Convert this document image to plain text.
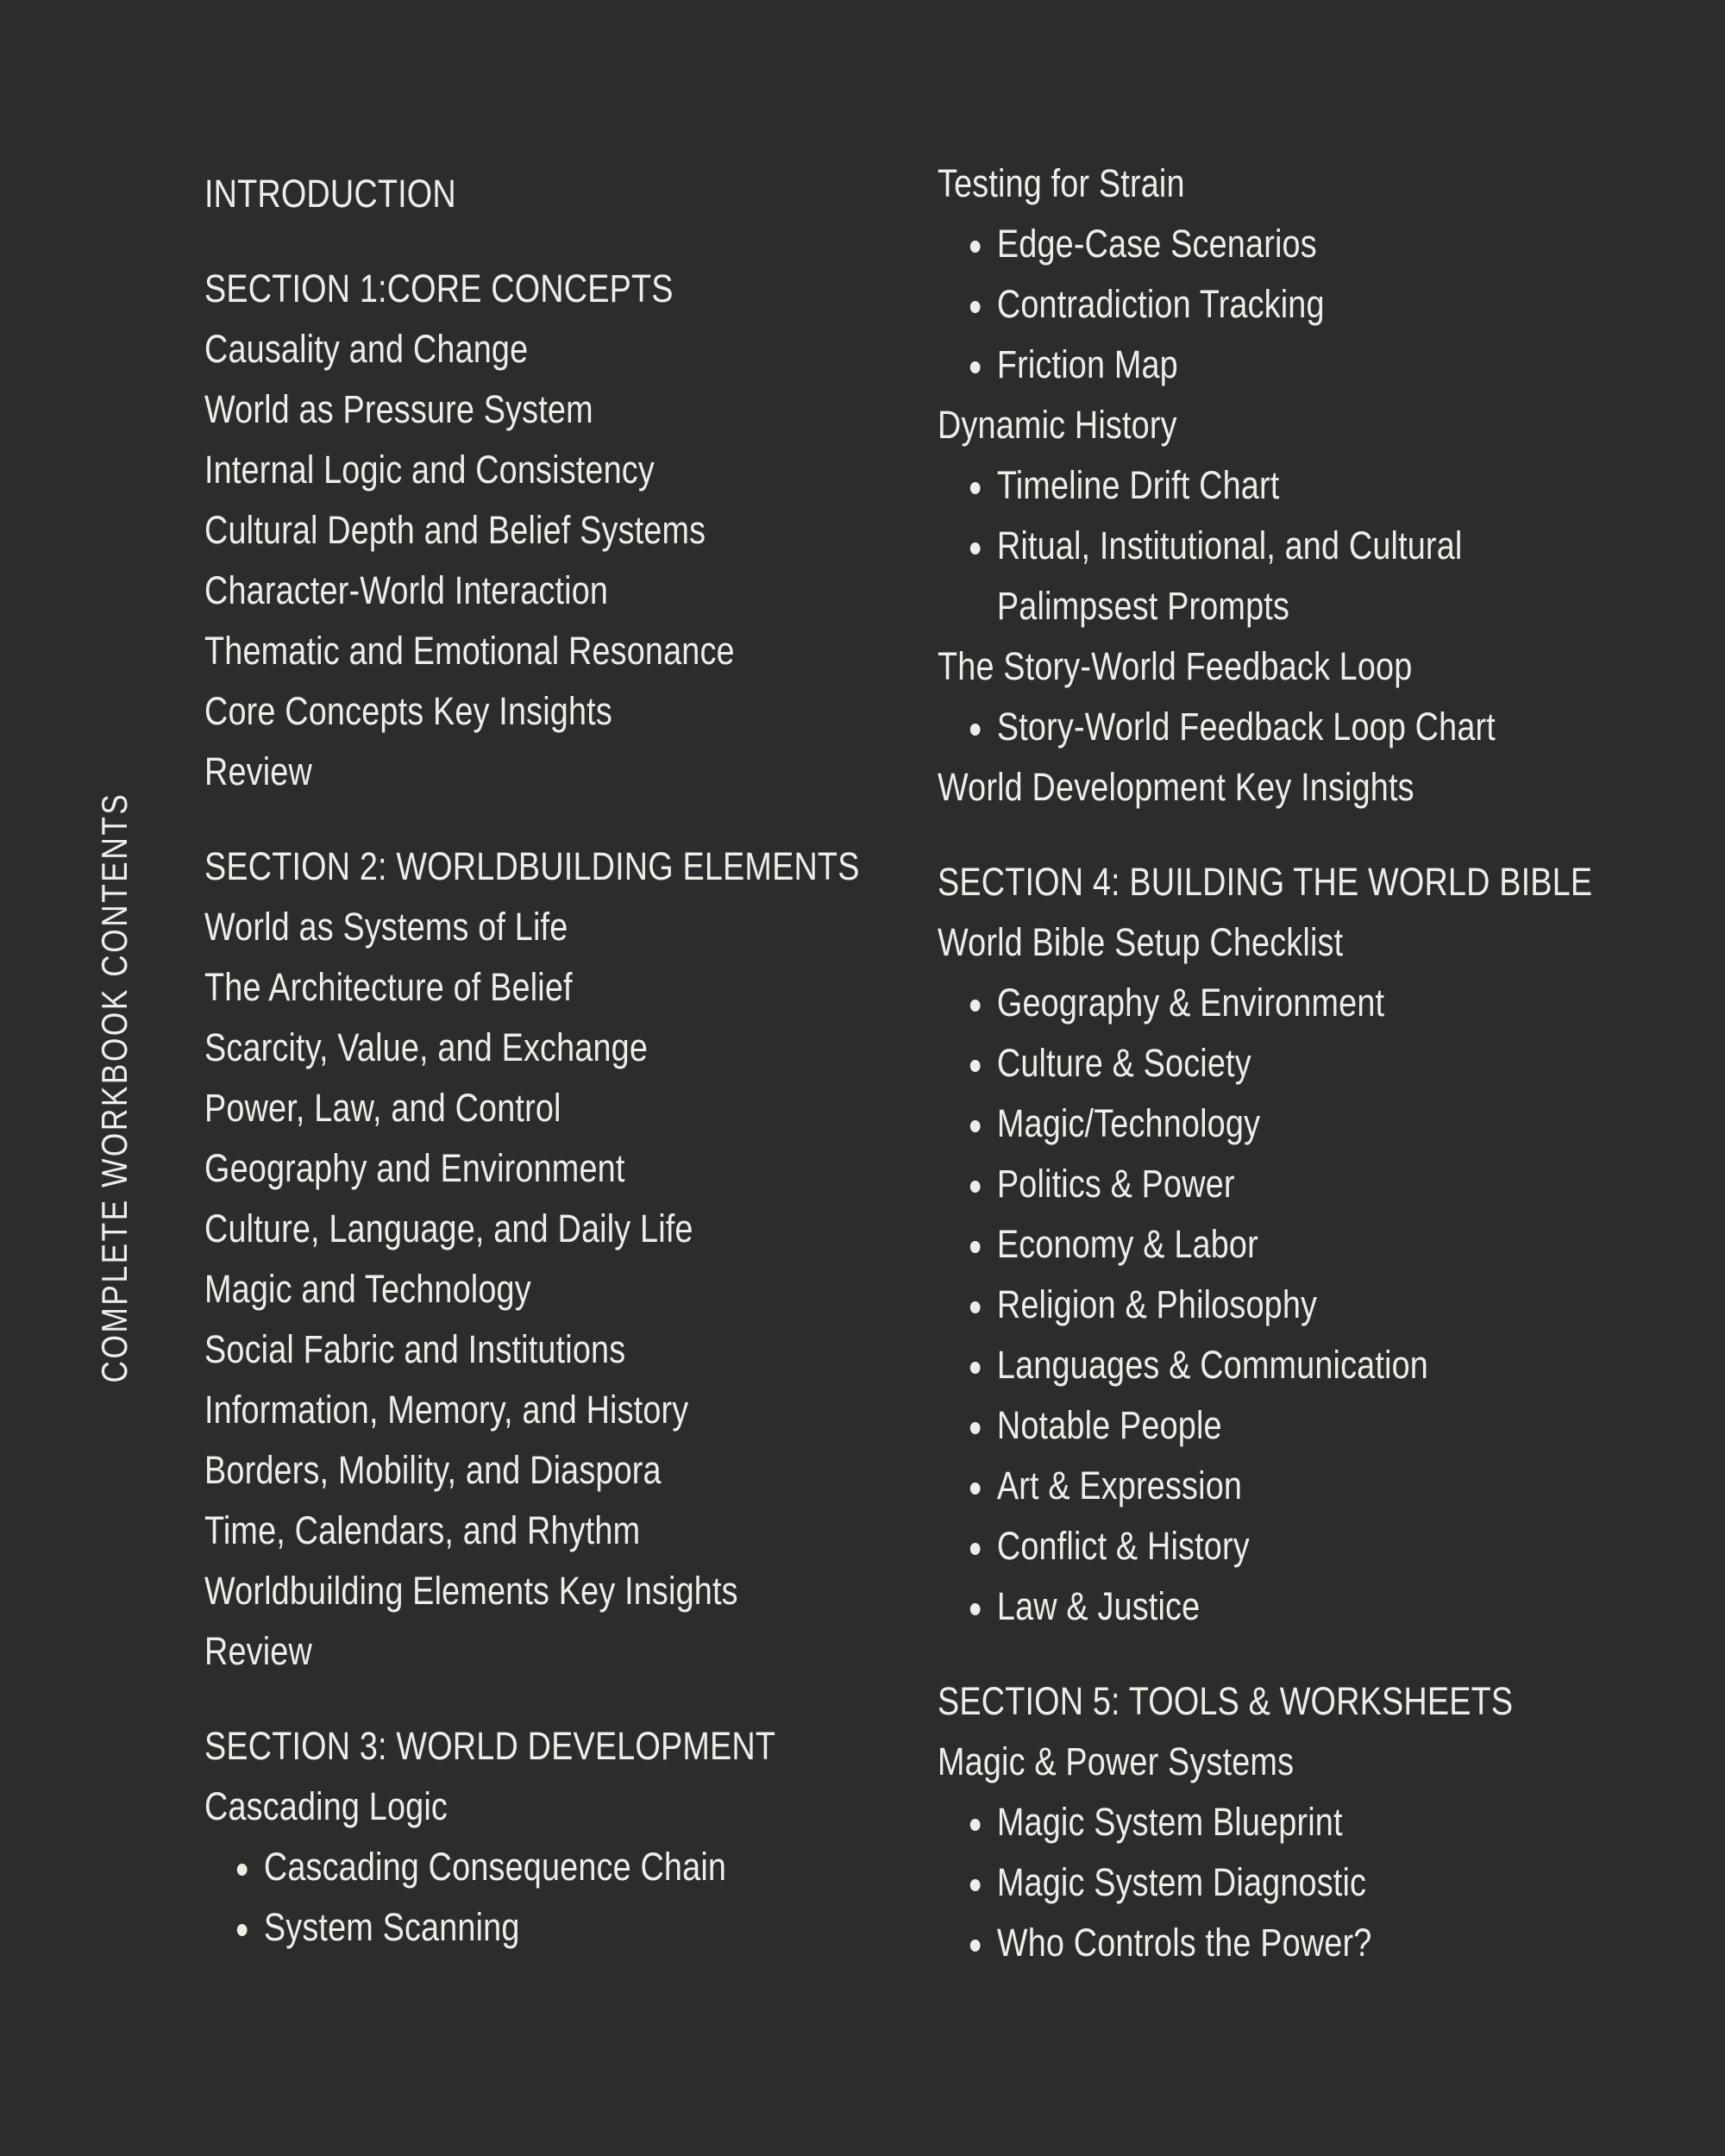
COMPLETE WORKBOOK CONTENTS
INTRODUCTION
SECTION 1:CORE CONCEPTS
Causality and Change
World as Pressure System
Internal Logic and Consistency
Cultural Depth and Belief Systems
Character-World Interaction
Thematic and Emotional Resonance
Core Concepts Key Insights
Review
SECTION 2: WORLDBUILDING ELEMENTS
World as Systems of Life
The Architecture of Belief
Scarcity, Value, and Exchange
Power, Law, and Control
Geography and Environment
Culture, Language, and Daily Life
Magic and Technology
Social Fabric and Institutions
Information, Memory, and History
Borders, Mobility, and Diaspora
Time, Calendars, and Rhythm
Worldbuilding Elements Key Insights
Review
SECTION 3: WORLD DEVELOPMENT
Cascading Logic
Cascading Consequence Chain
System Scanning
Testing for Strain
Edge-Case Scenarios
Contradiction Tracking
Friction Map
Dynamic History
Timeline Drift Chart
Ritual, Institutional, and Cultural Palimpsest Prompts
The Story-World Feedback Loop
Story-World Feedback Loop Chart
World Development Key Insights
SECTION 4: BUILDING THE WORLD BIBLE
World Bible Setup Checklist
Geography & Environment
Culture & Society
Magic/Technology
Politics & Power
Economy & Labor
Religion & Philosophy
Languages & Communication
Notable People
Art & Expression
Conflict & History
Law & Justice
SECTION 5: TOOLS & WORKSHEETS
Magic & Power Systems
Magic System Blueprint
Magic System Diagnostic
Who Controls the Power?
